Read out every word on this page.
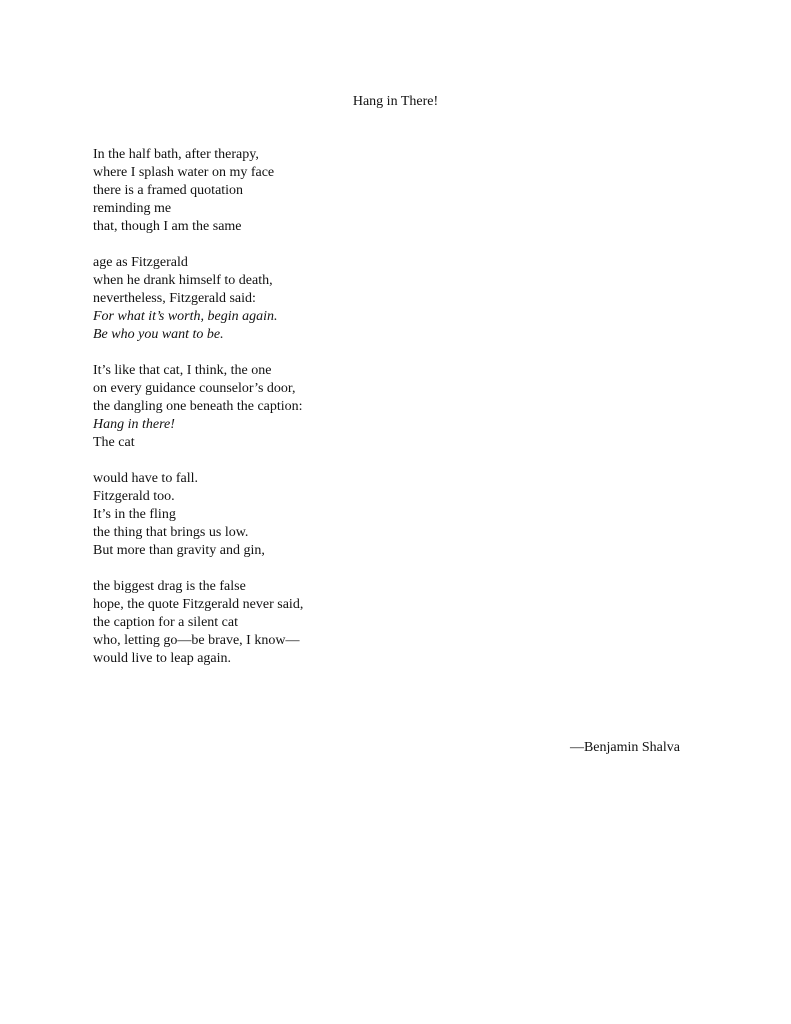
Hang in There!
In the half bath, after therapy,
where I splash water on my face
there is a framed quotation
reminding me
that, though I am the same
age as Fitzgerald
when he drank himself to death,
nevertheless, Fitzgerald said:
For what it’s worth, begin again.
Be who you want to be.
It’s like that cat, I think, the one
on every guidance counselor’s door,
the dangling one beneath the caption:
Hang in there!
The cat
would have to fall.
Fitzgerald too.
It’s in the fling
the thing that brings us low.
But more than gravity and gin,
the biggest drag is the false
hope, the quote Fitzgerald never said,
the caption for a silent cat
who, letting go—be brave, I know—
would live to leap again.
—Benjamin Shalva
